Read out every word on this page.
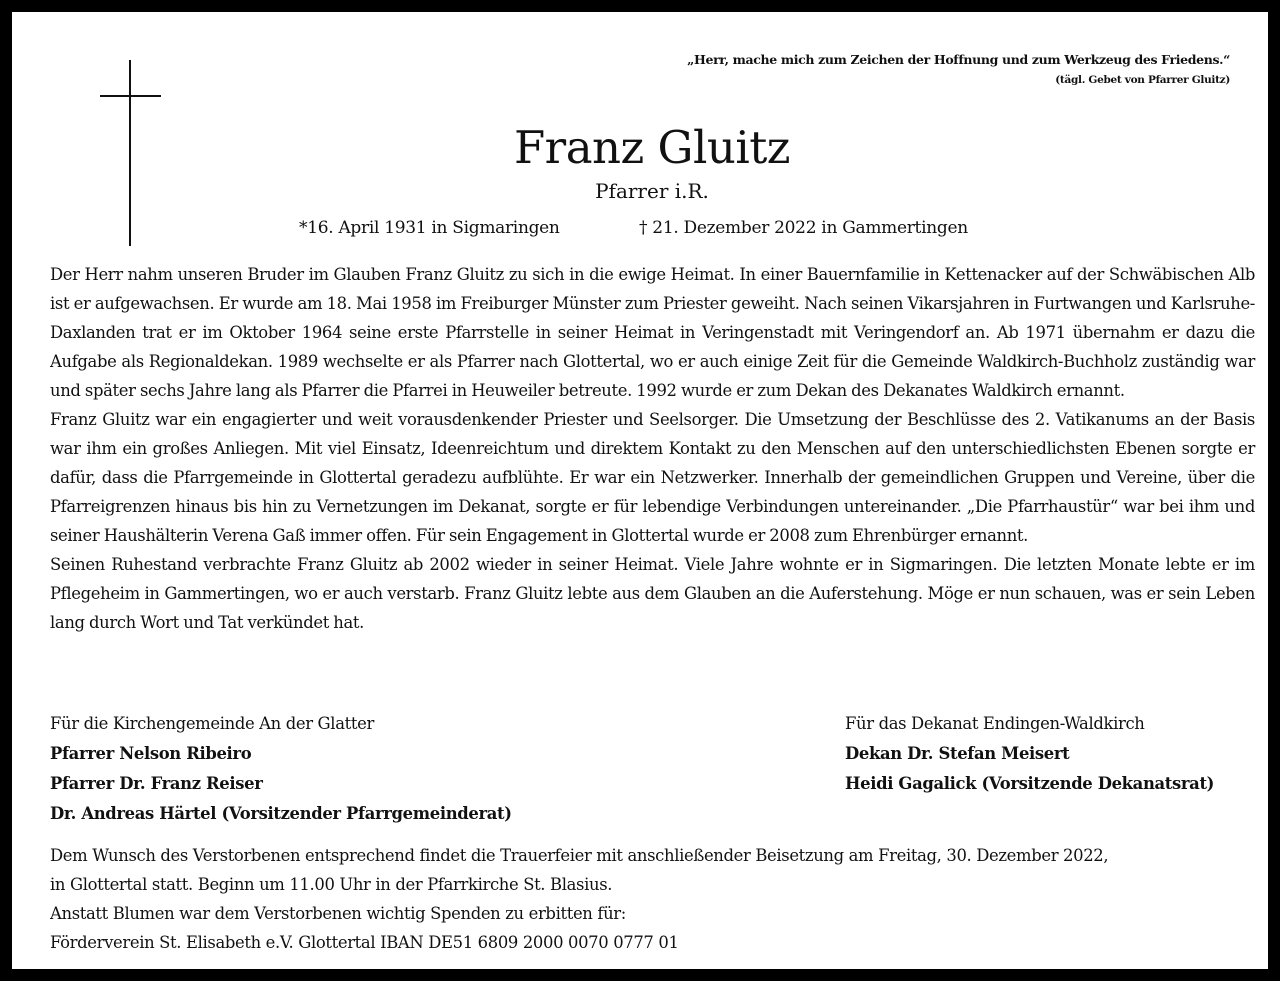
„Herr, mache mich zum Zeichen der Hoffnung und zum Werkzeug des Friedens.“
(tägl. Gebet von Pfarrer Gluitz)
Franz Gluitz
Pfarrer i.R.
*16. April 1931 in Sigmaringen	† 21. Dezember 2022 in Gammertingen

Der Herr nahm unseren Bruder im Glauben Franz Gluitz zu sich in die ewige Heimat. In einer Bauernfamilie in Kettenacker auf der Schwäbischen Alb ist er aufgewachsen. Er wurde am 18. Mai 1958 im Freiburger Münster zum Priester geweiht. Nach seinen Vikarsjahren in Furtwangen und Karlsruhe-Daxlanden trat er im Oktober 1964 seine erste Pfarrstelle in seiner Heimat in Veringenstadt mit Veringendorf an. Ab 1971 übernahm er dazu die Aufgabe als Regionaldekan. 1989 wechselte er als Pfarrer nach Glottertal, wo er auch einige Zeit für die Gemeinde Waldkirch-Buchholz zuständig war und später sechs Jahre lang als Pfarrer die Pfarrei in Heuweiler betreute. 1992 wurde er zum Dekan des Dekanates Waldkirch ernannt.

Franz Gluitz war ein engagierter und weit vorausdenkender Priester und Seelsorger. Die Umsetzung der Beschlüsse des 2. Vatikanums an der Basis war ihm ein großes Anliegen. Mit viel Einsatz, Ideenreichtum und direktem Kontakt zu den Menschen auf den unterschiedlichsten Ebenen sorgte er dafür, dass die Pfarrgemeinde in Glottertal geradezu aufblühte. Er war ein Netzwerker. Innerhalb der gemeindlichen Gruppen und Vereine, über die Pfarreigrenzen hinaus bis hin zu Vernetzungen im Dekanat, sorgte er für lebendige Verbindungen untereinander. „Die Pfarrhaustür“ war bei ihm und seiner Haushälterin Verena Gaß immer offen. Für sein Engagement in Glottertal wurde er 2008 zum Ehrenbürger ernannt.

Seinen Ruhestand verbrachte Franz Gluitz ab 2002 wieder in seiner Heimat. Viele Jahre wohnte er in Sigmaringen. Die letzten Monate lebte er im Pflegeheim in Gammertingen, wo er auch verstarb. Franz Gluitz lebte aus dem Glauben an die Auferstehung. Möge er nun schauen, was er sein Leben lang durch Wort und Tat verkündet hat.

Für die Kirchengemeinde An der Glatter
Pfarrer Nelson Ribeiro
Pfarrer Dr. Franz Reiser
Dr. Andreas Härtel (Vorsitzender Pfarrgemeinderat)
Für das Dekanat Endingen-Waldkirch
Dekan Dr. Stefan Meisert
Heidi Gagalick (Vorsitzende Dekanatsrat)
Dem Wunsch des Verstorbenen entsprechend findet die Trauerfeier mit anschließender Beisetzung am Freitag, 30. Dezember 2022,
in Glottertal statt. Beginn um 11.00 Uhr in der Pfarrkirche St. Blasius.
Anstatt Blumen war dem Verstorbenen wichtig Spenden zu erbitten für:
Förderverein St. Elisabeth e.V. Glottertal IBAN DE51 6809 2000 0070 0777 01
